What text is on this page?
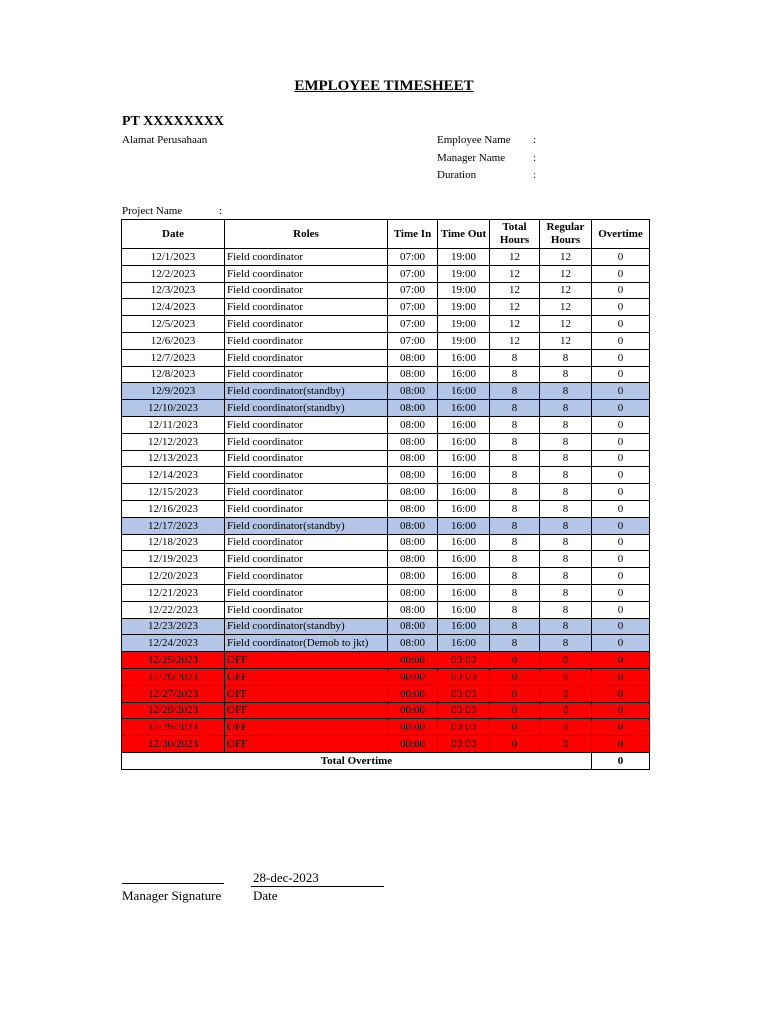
EMPLOYEE TIMESHEET
PT XXXXXXXX
Alamat Perusahaan	Employee Name :
Manager Name	:
Duration	:
Project Name	:
Date	Roles	Time In	Time Out	Total Hours	Regular Hours	Overtime
12/1/2023	Field coordinator	07:00	19:00	12	12	0
12/2/2023	Field coordinator	07:00	19:00	12	12	0
12/3/2023	Field coordinator	07:00	19:00	12	12	0
12/4/2023	Field coordinator	07:00	19:00	12	12	0
12/5/2023	Field coordinator	07:00	19:00	12	12	0
12/6/2023	Field coordinator	07:00	19:00	12	12	0
12/7/2023	Field coordinator	08:00	16:00	8	8	0
12/8/2023	Field coordinator	08:00	16:00	8	8	0
12/9/2023	Field coordinator(standby)	08:00	16:00	8	8	0
12/10/2023	Field coordinator(standby)	08:00	16:00	8	8	0
12/11/2023	Field coordinator	08:00	16:00	8	8	0
12/12/2023	Field coordinator	08:00	16:00	8	8	0
12/13/2023	Field coordinator	08:00	16:00	8	8	0
12/14/2023	Field coordinator	08:00	16:00	8	8	0
12/15/2023	Field coordinator	08:00	16:00	8	8	0
12/16/2023	Field coordinator	08:00	16:00	8	8	0
12/17/2023	Field coordinator(standby)	08:00	16:00	8	8	0
12/18/2023	Field coordinator	08:00	16:00	8	8	0
12/19/2023	Field coordinator	08:00	16:00	8	8	0
12/20/2023	Field coordinator	08:00	16:00	8	8	0
12/21/2023	Field coordinator	08:00	16:00	8	8	0
12/22/2023	Field coordinator	08:00	16:00	8	8	0
12/23/2023	Field coordinator(standby)	08:00	16:00	8	8	0
12/24/2023	Field coordinator(Demob to jkt)	08:00	16:00	8	8	0
12/25/2023	OFF	00:00	00:00	0	0	0
12/26/2023	OFF	00:00	00:00	0	0	0
12/27/2023	OFF	00:00	00:00	0	0	0
12/28/2023	OFF	00:00	00:00	0	0	0
12/29/2023	OFF	00:00	00:00	0	0	0
12/30/2023	OFF	00:00	00:00	0	0	0
Total Overtime						0
Manager Signature
28-dec-2023
Date
